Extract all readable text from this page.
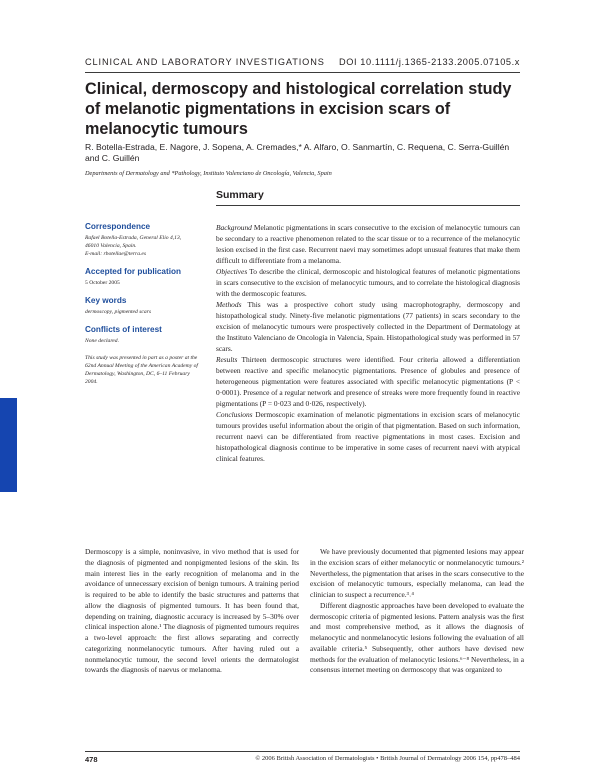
CLINICAL AND LABORATORY INVESTIGATIONS DOI 10.1111/j.1365-2133.2005.07105.x
Clinical, dermoscopy and histological correlation study of melanotic pigmentations in excision scars of melanocytic tumours
R. Botella-Estrada, E. Nagore, J. Sopena, A. Cremades,* A. Alfaro, O. Sanmartín, C. Requena, C. Serra-Guillén and C. Guillén
Departments of Dermatology and *Pathology, Instituto Valenciano de Oncología, Valencia, Spain
Summary
Correspondence
Rafael Botella-Estrada, General Elio 4,13,
46010 Valencia, Spain.
E-mail: rbotellae@terra.es
Accepted for publication
5 October 2005
Key words
dermoscopy, pigmented scars
Conflicts of interest
None declared.
This study was presented in part as a poster at the 62nd Annual Meeting of the American Academy of Dermatology, Washington, DC, 6–11 February 2004.

Background Melanotic pigmentations in scars consecutive to the excision of melanocytic tumours can be secondary to a reactive phenomenon related to the scar tissue or to a recurrence of the melanocytic lesion excised in the first case. Recurrent naevi may sometimes adopt unusual features that make them difficult to differentiate from a melanoma.

Objectives To describe the clinical, dermoscopic and histological features of melanotic pigmentations in scars consecutive to the excision of melanocytic tumours, and to correlate the histological diagnosis with the dermoscopic features.

Methods This was a prospective cohort study using macrophotography, dermoscopy and histopathological study. Ninety-five melanotic pigmentations (77 patients) in scars secondary to the excision of melanocytic tumours were prospectively collected in the Department of Dermatology at the Instituto Valenciano de Oncología in Valencia, Spain. Histopathological study was performed in 57 scars.

Results Thirteen dermoscopic structures were identified. Four criteria allowed a differentiation between reactive and specific melanocytic pigmentations. Presence of globules and presence of heterogeneous pigmentation were features associated with specific melanocytic pigmentations (P < 0·0001). Presence of a regular network and presence of streaks were more frequently found in reactive pigmentations (P = 0·023 and 0·026, respectively).

Conclusions Dermoscopic examination of melanotic pigmentations in excision scars of melanocytic tumours provides useful information about the origin of that pigmentation. Based on such information, recurrent naevi can be differentiated from reactive pigmentations in most cases. Excision and histopathological diagnosis continue to be imperative in some cases of recurrent naevi with atypical clinical features.

Dermoscopy is a simple, noninvasive, in vivo method that is used for the diagnosis of pigmented and nonpigmented lesions of the skin. Its main interest lies in the early recognition of melanoma and in the avoidance of unnecessary excision of benign tumours. A training period is required to be able to identify the basic structures and patterns that allow the diagnosis of pigmented tumours. It has been found that, depending on training, diagnostic accuracy is increased by 5–30% over clinical inspection alone.¹ The diagnosis of pigmented tumours requires a two-level approach: the first allows separating and correctly categorizing nonmelanocytic tumours. After having ruled out a nonmelanocytic tumour, the second level orients the dermatologist towards the diagnosis of naevus or melanoma.

We have previously documented that pigmented lesions may appear in the excision scars of either melanocytic or nonmelanocytic tumours.² Nevertheless, the pigmentation that arises in the scars consecutive to the excision of melanocytic tumours, especially melanoma, can lead the clinician to suspect a recurrence.³˒⁴

Different diagnostic approaches have been developed to evaluate the dermoscopic criteria of pigmented lesions. Pattern analysis was the first and most comprehensive method, as it allows the diagnosis of melanocytic and nonmelanocytic lesions following the evaluation of all available criteria.⁵ Subsequently, other authors have devised new methods for the evaluation of melanocytic lesions.⁶⁻⁸ Nevertheless, in a consensus internet meeting on dermoscopy that was organized to

478	© 2006 British Association of Dermatologists • British Journal of Dermatology 2006 154, pp478–484
